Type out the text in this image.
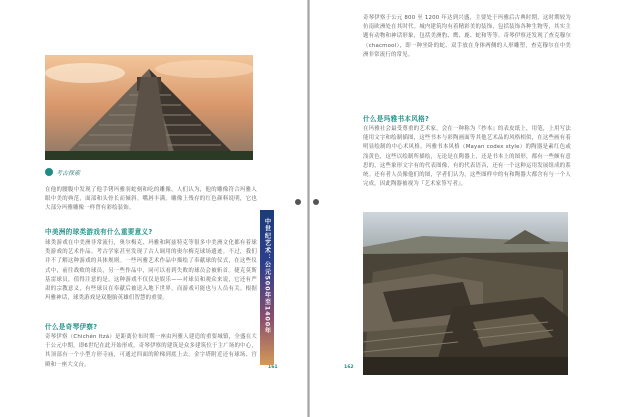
考古探索
在他的腰腹中发现了他手铐玛雅羽蛇刻和吃的雕像，人们认为，他的雕像符合玛雅人眼中美的典范，面部和头骨长而倾斜。嘴唇丰满。雕像上残存的红色颜料说明，它也大部分玛雅雕像一样曾有彩绘装饰。
中美洲的球类游戏有什么重要意义?
球类游戏在中美洲非常流行，奥尔梅克、玛雅和阿兹特克等很多中美洲文化都有着球类游戏的艺术作品。考古学家甚至发现了古人调用的奥尔梅克球场遗迹。不过，我们并不了解这种游戏的具体规则。一些玛雅艺术作品中描绘了奉献球的仪式，在这些仪式中，前往战败的球员，另一些作品中，同可以看到失败的球员会被斩首。捷克莫斯基雷球员，值得注意的是，这种游戏不仅仅是娱乐——对球员和观众来说，它还有严肃的宗教意义，有些球员在奉献后被送入地下世界，而游戏可能也与人员有关。根据玛雅神话，球类游戏是双胞胎英雄们智慧的重要。
什么是奇琴伊察?
奇琴伊察（Chichén Itzá）是距离位布时期一座由玛雅人建造的重要城镇，全盛在大于公元中期，即6世纪在此开始形成，奇琴伊察的建筑是众多建筑位于主广场的中心，其顶部有一个小型方形寺庙，可通过四面的阶梯到底上去。金字塔附近还有球场、宫殿和一座大文台。	161
中世纪艺术：公元500年至1400年
奇琴伊察于公元 800 至 1200 年达到兴盛，主要处于玛雅后古典时期，这时期较为仿南欧洲处在其时代。城内建筑均有着精彩美的装饰，包括装饰各种生物等，其实主题有动物和神话形象，包括美洲豹、鹰、鹿、蛇和等等。奇琴伊察还发现了查克穆尔（chacmool），即一种坐卧的蛇、双手放在身体两侧的人形雕塑，查克穆尔在中美洲非常流行的常见。
什么是玛雅书本风格?
在玛雅社会最受尊重的艺术家，会在一种称为『抄本』的表皮纸上，用笔，上用写法能用文字和绘制插图，这些书本与彩陶画面等其他艺术品的风格相似，在这些画有着明显绘制的中心术风格。玛雅书本风格（Mayan codex style）的陶器是素红色或浅黄色，这些以绘制所描绘，无论是在陶器上，还是书本上的图形，都有一些颇有意思的，这些象形文字有的代表图像，有的代表语音，还有一个这种运用发展组成的系统。还有者人员像他们的图，学者们认为，这些图样中的有和陶器大都含有与一个人完成，因此陶器被视为『艺术家签写者』。
162
